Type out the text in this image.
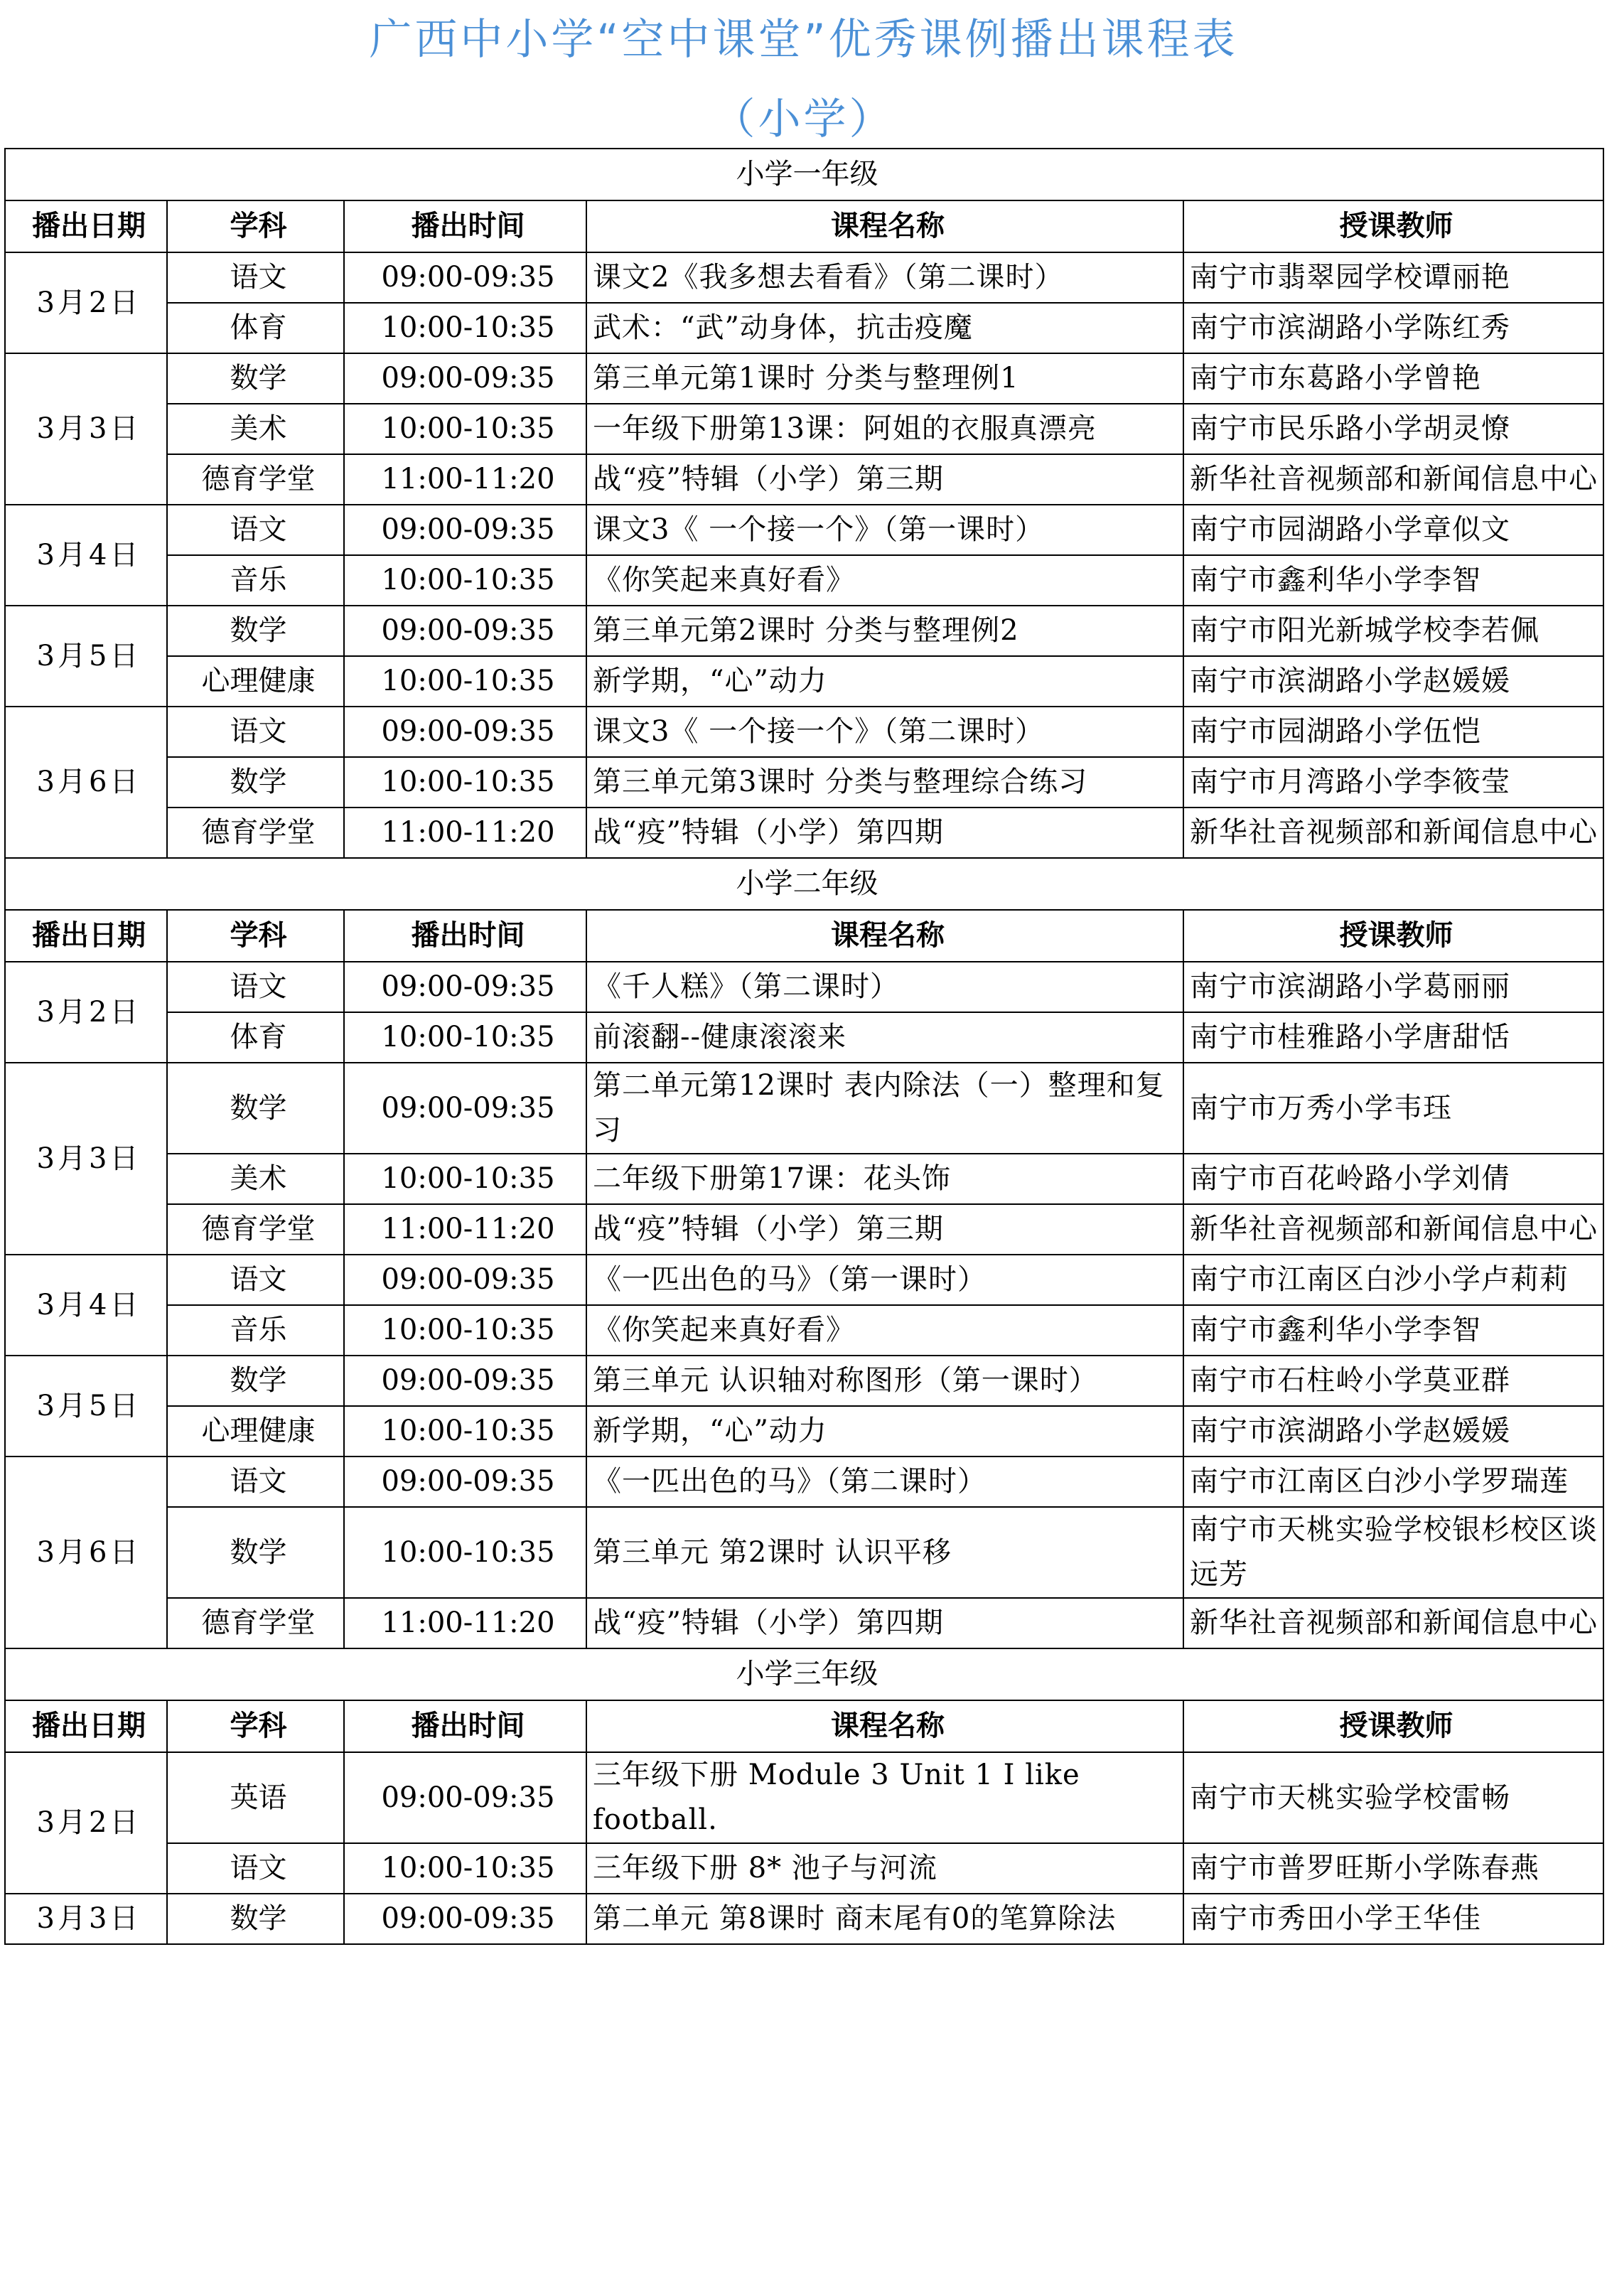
广西中小学“空中课堂”优秀课例播出课程表
（小学）
小学一年级				
播出日期	学科	播出时间	课程名称	授课教师
3月2日	语文	09:00-09:35	课文2《我多想去看看》（第二课时）	南宁市翡翠园学校谭丽艳
	体育	10:00-10:35	武术：“武”动身体，抗击疫魔	南宁市滨湖路小学陈红秀
3月3日	数学	09:00-09:35	第三单元第1课时 分类与整理例1	南宁市东葛路小学曾艳
	美术	10:00-10:35	一年级下册第13课：阿姐的衣服真漂亮	南宁市民乐路小学胡灵憭
	德育学堂	11:00-11:20	战“疫”特辑（小学）第三期	新华社音视频部和新闻信息中心
3月4日	语文	09:00-09:35	课文3《 一个接一个》（第一课时）	南宁市园湖路小学章似文
	音乐	10:00-10:35	《你笑起来真好看》	南宁市鑫利华小学李智
3月5日	数学	09:00-09:35	第三单元第2课时 分类与整理例2	南宁市阳光新城学校李若佩
	心理健康	10:00-10:35	新学期，“心”动力	南宁市滨湖路小学赵媛媛
3月6日	语文	09:00-09:35	课文3《 一个接一个》（第二课时）	南宁市园湖路小学伍恺
	数学	10:00-10:35	第三单元第3课时 分类与整理综合练习	南宁市月湾路小学李筱莹
	德育学堂	11:00-11:20	战“疫”特辑（小学）第四期	新华社音视频部和新闻信息中心
小学二年级				
播出日期	学科	播出时间	课程名称	授课教师
3月2日	语文	09:00-09:35	《千人糕》（第二课时）	南宁市滨湖路小学葛丽丽
	体育	10:00-10:35	前滚翻--健康滚滚来	南宁市桂雅路小学唐甜恬
3月3日	数学	09:00-09:35	第二单元第12课时 表内除法（一）整理和复习	南宁市万秀小学韦珏
	美术	10:00-10:35	二年级下册第17课：花头饰	南宁市百花岭路小学刘倩
	德育学堂	11:00-11:20	战“疫”特辑（小学）第三期	新华社音视频部和新闻信息中心
3月4日	语文	09:00-09:35	《一匹出色的马》（第一课时）	南宁市江南区白沙小学卢莉莉
	音乐	10:00-10:35	《你笑起来真好看》	南宁市鑫利华小学李智
3月5日	数学	09:00-09:35	第三单元 认识轴对称图形（第一课时）	南宁市石柱岭小学莫亚群
	心理健康	10:00-10:35	新学期，“心”动力	南宁市滨湖路小学赵媛媛
3月6日	语文	09:00-09:35	《一匹出色的马》（第二课时）	南宁市江南区白沙小学罗瑞莲
	数学	10:00-10:35	第三单元 第2课时 认识平移	南宁市天桃实验学校银杉校区谈远芳
	德育学堂	11:00-11:20	战“疫”特辑（小学）第四期	新华社音视频部和新闻信息中心
小学三年级				
播出日期	学科	播出时间	课程名称	授课教师
3月2日	英语	09:00-09:35	三年级下册 Module 3 Unit 1 I like football.	南宁市天桃实验学校雷畅
	语文	10:00-10:35	三年级下册 8* 池子与河流	南宁市普罗旺斯小学陈春燕
3月3日	数学	09:00-09:35	第二单元 第8课时 商末尾有0的笔算除法	南宁市秀田小学王华佳
